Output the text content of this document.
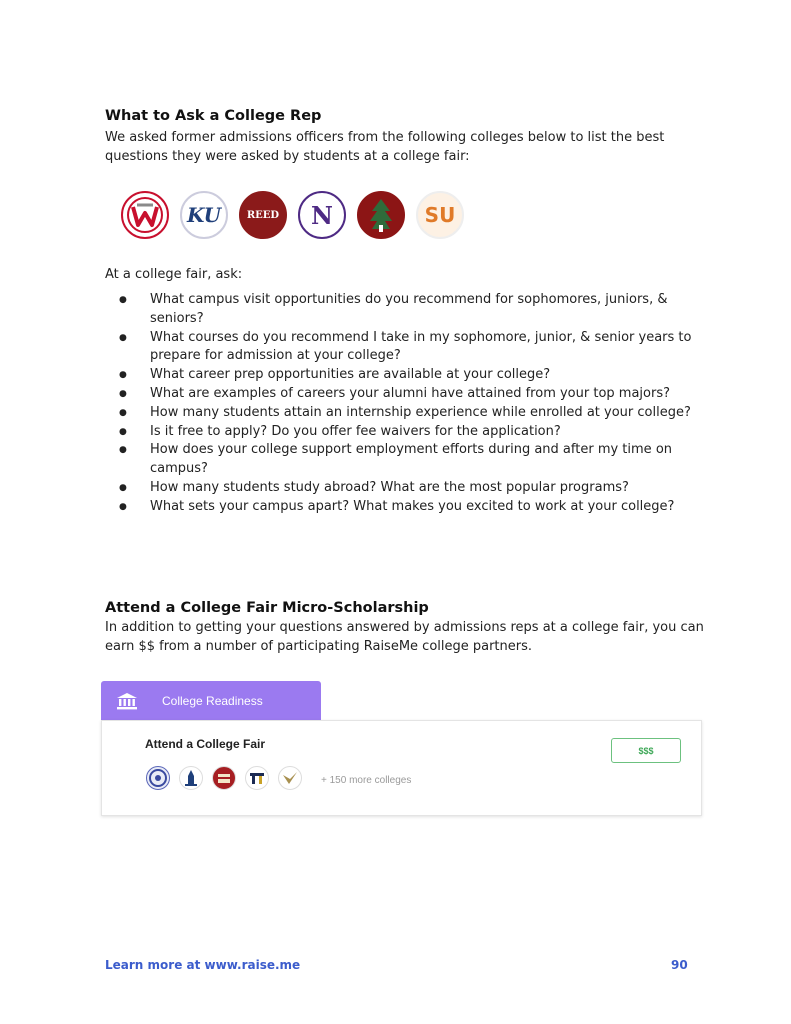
What to Ask a College Rep
We asked former admissions officers from the following colleges below to list the best
questions they were asked by students at a college fair:
KU	REED N	SU
At a college fair, ask:
● What campus visit opportunities do you recommend for sophomores, juniors, & seniors?
● What courses do you recommend I take in my sophomore, junior, & senior years to prepare for admission at your college?
● What career prep opportunities are available at your college?
● What are examples of careers your alumni have attained from your top majors?
● How many students attain an internship experience while enrolled at your college?
● Is it free to apply? Do you offer fee waivers for the application?
● How does your college support employment efforts during and after my time on campus?
● How many students study abroad? What are the most popular programs?
● What sets your campus apart? What makes you excited to work at your college?
Attend a College Fair Micro-Scholarship
In addition to getting your questions answered by admissions reps at a college fair, you can
earn $$ from a number of participating RaiseMe college partners.
College Readiness
Attend a College Fair	$$$
+ 150 more colleges
Learn more at www.raise.me	90
